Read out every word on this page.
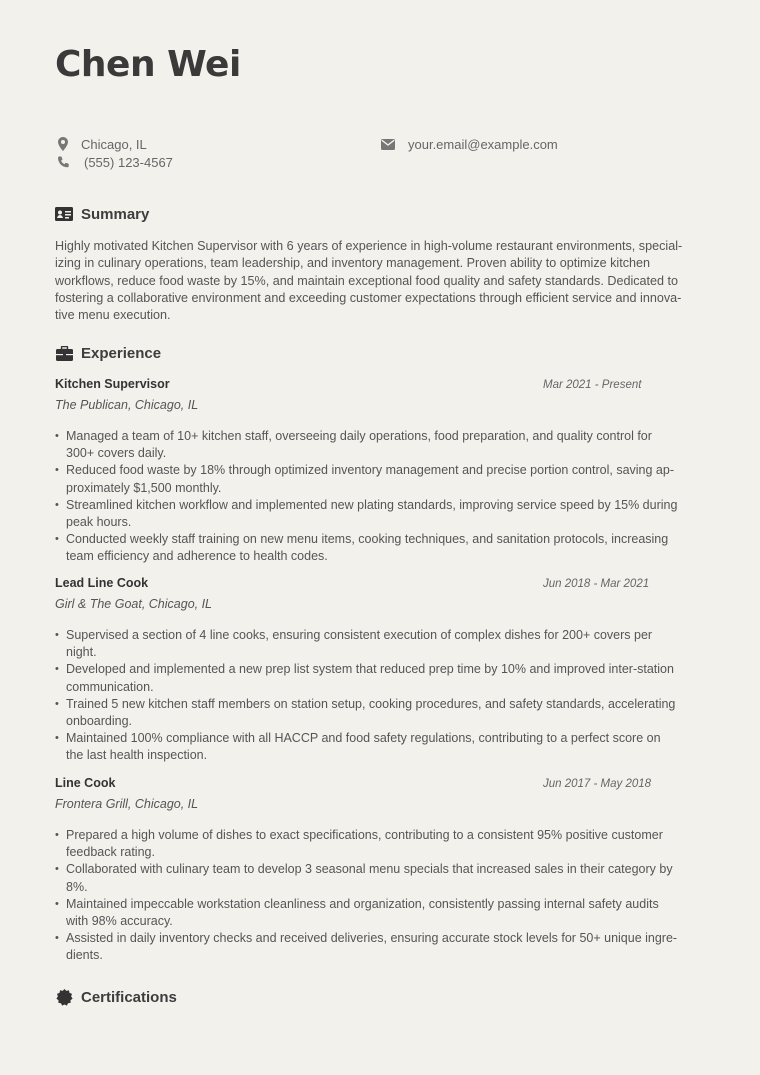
Chen Wei
Chicago, IL
(555) 123-4567
your.email@example.com
Summary
Highly motivated Kitchen Supervisor with 6 years of experience in high-volume restaurant environments, special-
izing in culinary operations, team leadership, and inventory management. Proven ability to optimize kitchen
workflows, reduce food waste by 15%, and maintain exceptional food quality and safety standards. Dedicated to
fostering a collaborative environment and exceeding customer expectations through efficient service and innova-
tive menu execution.
Experience
Kitchen Supervisor	Mar 2021 - Present
The Publican, Chicago, IL
• Managed a team of 10+ kitchen staff, overseeing daily operations, food preparation, and quality control for
300+ covers daily.
• Reduced food waste by 18% through optimized inventory management and precise portion control, saving ap-
proximately $1,500 monthly.
• Streamlined kitchen workflow and implemented new plating standards, improving service speed by 15% during
peak hours.
• Conducted weekly staff training on new menu items, cooking techniques, and sanitation protocols, increasing
team efficiency and adherence to health codes.
Lead Line Cook	Jun 2018 - Mar 2021
Girl & The Goat, Chicago, IL
• Supervised a section of 4 line cooks, ensuring consistent execution of complex dishes for 200+ covers per
night.
• Developed and implemented a new prep list system that reduced prep time by 10% and improved inter-station
communication.
• Trained 5 new kitchen staff members on station setup, cooking procedures, and safety standards, accelerating
onboarding.
• Maintained 100% compliance with all HACCP and food safety regulations, contributing to a perfect score on
the last health inspection.
Line Cook	Jun 2017 - May 2018
Frontera Grill, Chicago, IL
• Prepared a high volume of dishes to exact specifications, contributing to a consistent 95% positive customer
feedback rating.
• Collaborated with culinary team to develop 3 seasonal menu specials that increased sales in their category by
8%.
• Maintained impeccable workstation cleanliness and organization, consistently passing internal safety audits
with 98% accuracy.
• Assisted in daily inventory checks and received deliveries, ensuring accurate stock levels for 50+ unique ingre-
dients.
Certifications
